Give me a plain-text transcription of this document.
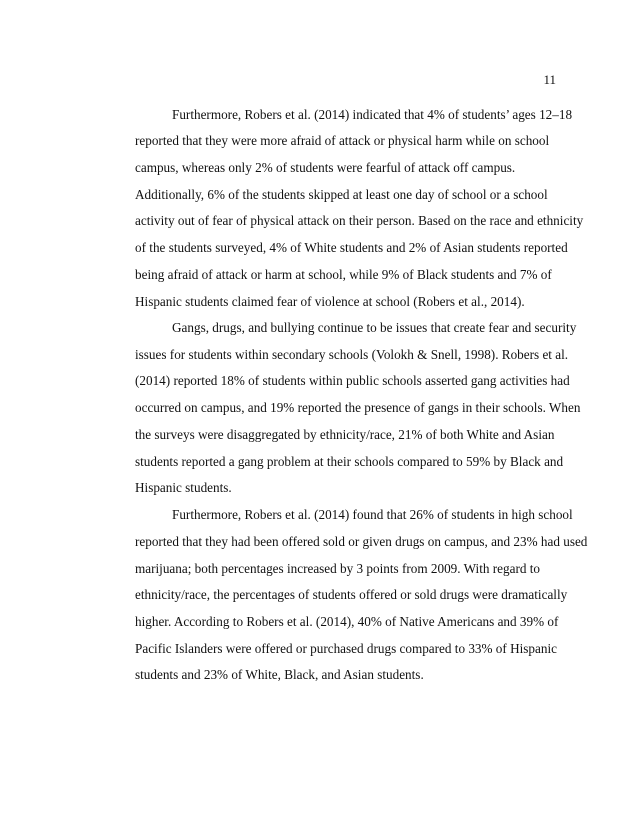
11
Furthermore, Robers et al. (2014) indicated that 4% of students’ ages 12–18
reported that they were more afraid of attack or physical harm while on school
campus, whereas only 2% of students were fearful of attack off campus.
Additionally, 6% of the students skipped at least one day of school or a school
activity out of fear of physical attack on their person. Based on the race and ethnicity
of the students surveyed, 4% of White students and 2% of Asian students reported
being afraid of attack or harm at school, while 9% of Black students and 7% of
Hispanic students claimed fear of violence at school (Robers et al., 2014).
Gangs, drugs, and bullying continue to be issues that create fear and security
issues for students within secondary schools (Volokh & Snell, 1998). Robers et al.
(2014) reported 18% of students within public schools asserted gang activities had
occurred on campus, and 19% reported the presence of gangs in their schools. When
the surveys were disaggregated by ethnicity/race, 21% of both White and Asian
students reported a gang problem at their schools compared to 59% by Black and
Hispanic students.
Furthermore, Robers et al. (2014) found that 26% of students in high school
reported that they had been offered sold or given drugs on campus, and 23% had used
marijuana; both percentages increased by 3 points from 2009. With regard to
ethnicity/race, the percentages of students offered or sold drugs were dramatically
higher. According to Robers et al. (2014), 40% of Native Americans and 39% of
Pacific Islanders were offered or purchased drugs compared to 33% of Hispanic
students and 23% of White, Black, and Asian students.
